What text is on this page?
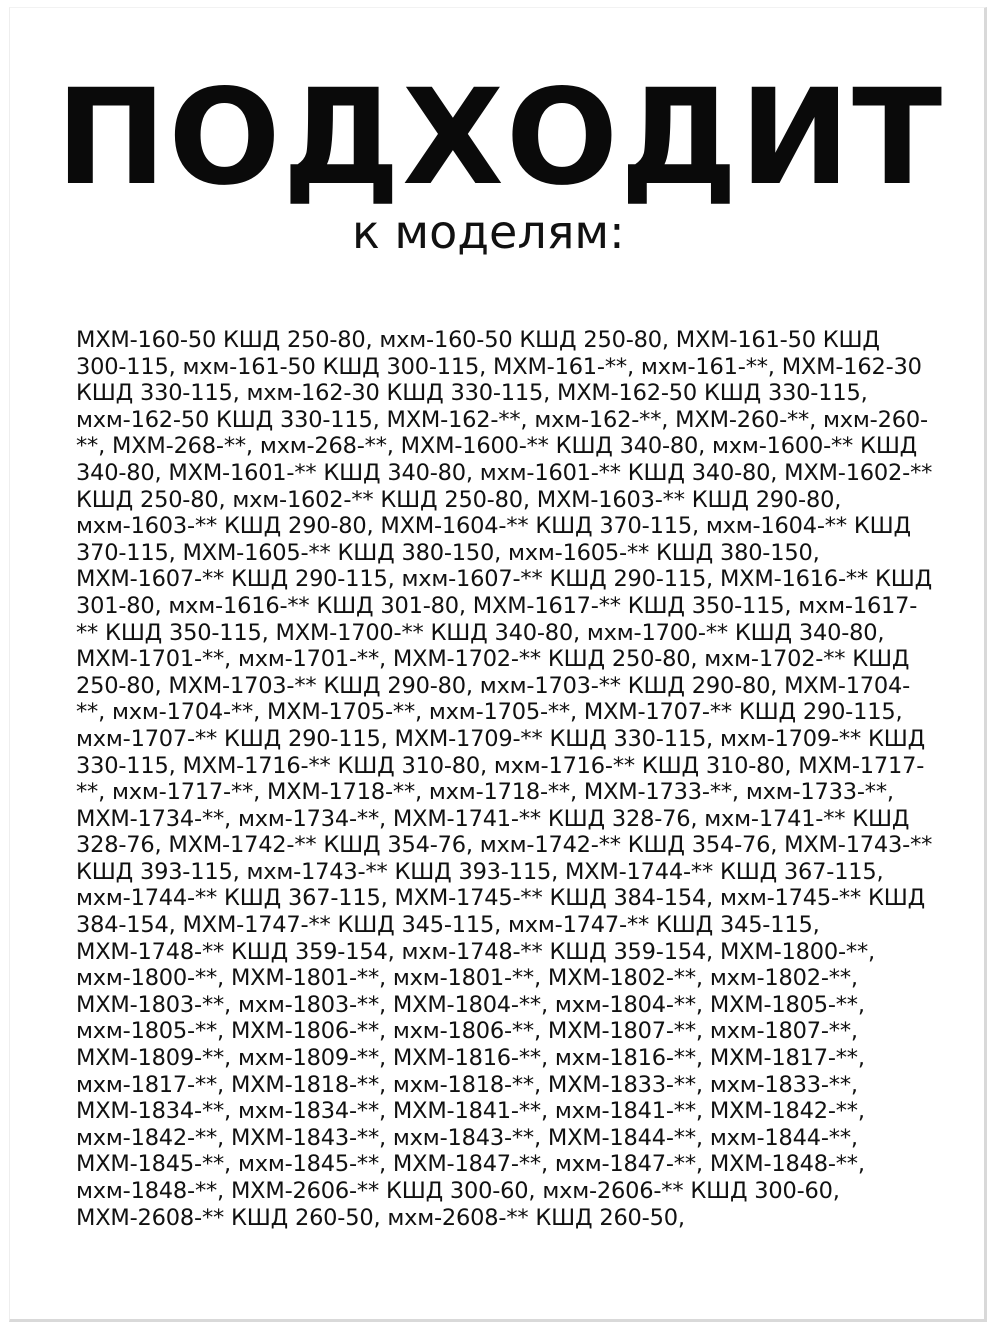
ПОДХОДИТ

к моделям:

МХМ-160-50 КШД 250-80, мхм-160-50 КШД 250-80, МХМ-161-50 КШД 300-115, мхм-161-50 КШД 300-115, МХМ-161-**, мхм-161-**, МХМ-162-30 КШД 330-115, мхм-162-30 КШД 330-115, МХМ-162-50 КШД 330-115, мхм-162-50 КШД 330-115, МХМ-162-**, мхм-162-**, МХМ-260-**, мхм-260-**, МХМ-268-**, мхм-268-**, МХМ-1600-** КШД 340-80, мхм-1600-** КШД 340-80, МХМ-1601-** КШД 340-80, мхм-1601-** КШД 340-80, МХМ-1602-** КШД 250-80, мхм-1602-** КШД 250-80, МХМ-1603-** КШД 290-80, мхм-1603-** КШД 290-80, МХМ-1604-** КШД 370-115, мхм-1604-** КШД 370-115, МХМ-1605-** КШД 380-150, мхм-1605-** КШД 380-150, МХМ-1607-** КШД 290-115, мхм-1607-** КШД 290-115, МХМ-1616-** КШД 301-80, мхм-1616-** КШД 301-80, МХМ-1617-** КШД 350-115, мхм-1617-** КШД 350-115, МХМ-1700-** КШД 340-80, мхм-1700-** КШД 340-80, МХМ-1701-**, мхм-1701-**, МХМ-1702-** КШД 250-80, мхм-1702-** КШД 250-80, МХМ-1703-** КШД 290-80, мхм-1703-** КШД 290-80, МХМ-1704-**, мхм-1704-**, МХМ-1705-**, мхм-1705-**, МХМ-1707-** КШД 290-115, мхм-1707-** КШД 290-115, МХМ-1709-** КШД 330-115, мхм-1709-** КШД 330-115, МХМ-1716-** КШД 310-80, мхм-1716-** КШД 310-80, МХМ-1717-**, мхм-1717-**, МХМ-1718-**, мхм-1718-**, МХМ-1733-**, мхм-1733-**, МХМ-1734-**, мхм-1734-**, МХМ-1741-** КШД 328-76, мхм-1741-** КШД 328-76, МХМ-1742-** КШД 354-76, мхм-1742-** КШД 354-76, МХМ-1743-** КШД 393-115, мхм-1743-** КШД 393-115, МХМ-1744-** КШД 367-115, мхм-1744-** КШД 367-115, МХМ-1745-** КШД 384-154, мхм-1745-** КШД 384-154, МХМ-1747-** КШД 345-115, мхм-1747-** КШД 345-115, МХМ-1748-** КШД 359-154, мхм-1748-** КШД 359-154, МХМ-1800-**, мхм-1800-**, МХМ-1801-**, мхм-1801-**, МХМ-1802-**, мхм-1802-**, МХМ-1803-**, мхм-1803-**, МХМ-1804-**, мхм-1804-**, МХМ-1805-**, мхм-1805-**, МХМ-1806-**, мхм-1806-**, МХМ-1807-**, мхм-1807-**, МХМ-1809-**, мхм-1809-**, МХМ-1816-**, мхм-1816-**, МХМ-1817-**, мхм-1817-**, МХМ-1818-**, мхм-1818-**, МХМ-1833-**, мхм-1833-**, МХМ-1834-**, мхм-1834-**, МХМ-1841-**, мхм-1841-**, МХМ-1842-**, мхм-1842-**, МХМ-1843-**, мхм-1843-**, МХМ-1844-**, мхм-1844-**, МХМ-1845-**, мхм-1845-**, МХМ-1847-**, мхм-1847-**, МХМ-1848-**, мхм-1848-**, МХМ-2606-** КШД 300-60, мхм-2606-** КШД 300-60, МХМ-2608-** КШД 260-50, мхм-2608-** КШД 260-50,
